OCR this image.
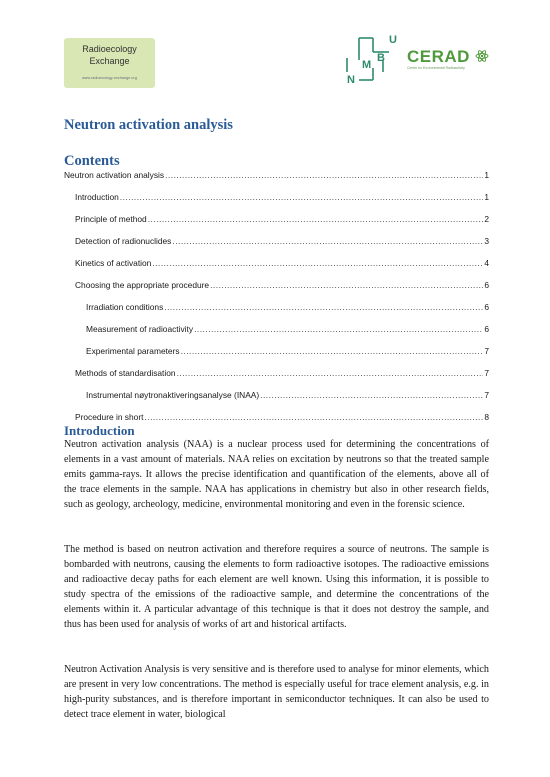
Radioecology
Exchange
www.radioecology-exchange.org	N
M
B
U
CERAD
Centre for Environmental Radioactivity
Neutron activation analysis
Contents
Neutron activation analysis .....	1
Introduction .....	1
Principle of method .....	2
Detection of radionuclides .....	3
Kinetics of activation .....	4
Choosing the appropriate procedure .....	6
Irradiation conditions .....	6
Measurement of radioactivity .....	6
Experimental parameters .....	7
Methods of standardisation .....	7
Instrumental nøytronaktiveringsanalyse (INAA) .....	7
Procedure in short .....	8
Introduction

Neutron activation analysis (NAA) is a nuclear process used for determining the concentrations of elements in a vast amount of materials. NAA relies on excitation by neutrons so that the treated sample emits gamma-rays. It allows the precise identification and quantification of the elements, above all of the trace elements in the sample. NAA has applications in chemistry but also in other research fields, such as geology, archeology, medicine, environmental monitoring and even in the forensic science.

The method is based on neutron activation and therefore requires a source of neutrons. The sample is bombarded with neutrons, causing the elements to form radioactive isotopes. The radioactive emissions and radioactive decay paths for each element are well known. Using this information, it is possible to study spectra of the emissions of the radioactive sample, and determine the concentrations of the elements within it. A particular advantage of this technique is that it does not destroy the sample, and thus has been used for analysis of works of art and historical artifacts.

Neutron Activation Analysis is very sensitive and is therefore used to analyse for minor elements, which are present in very low concentrations. The method is especially useful for trace element analysis, e.g. in high-purity substances, and is therefore important in semiconductor techniques. It can also be used to detect trace element in water, biological
